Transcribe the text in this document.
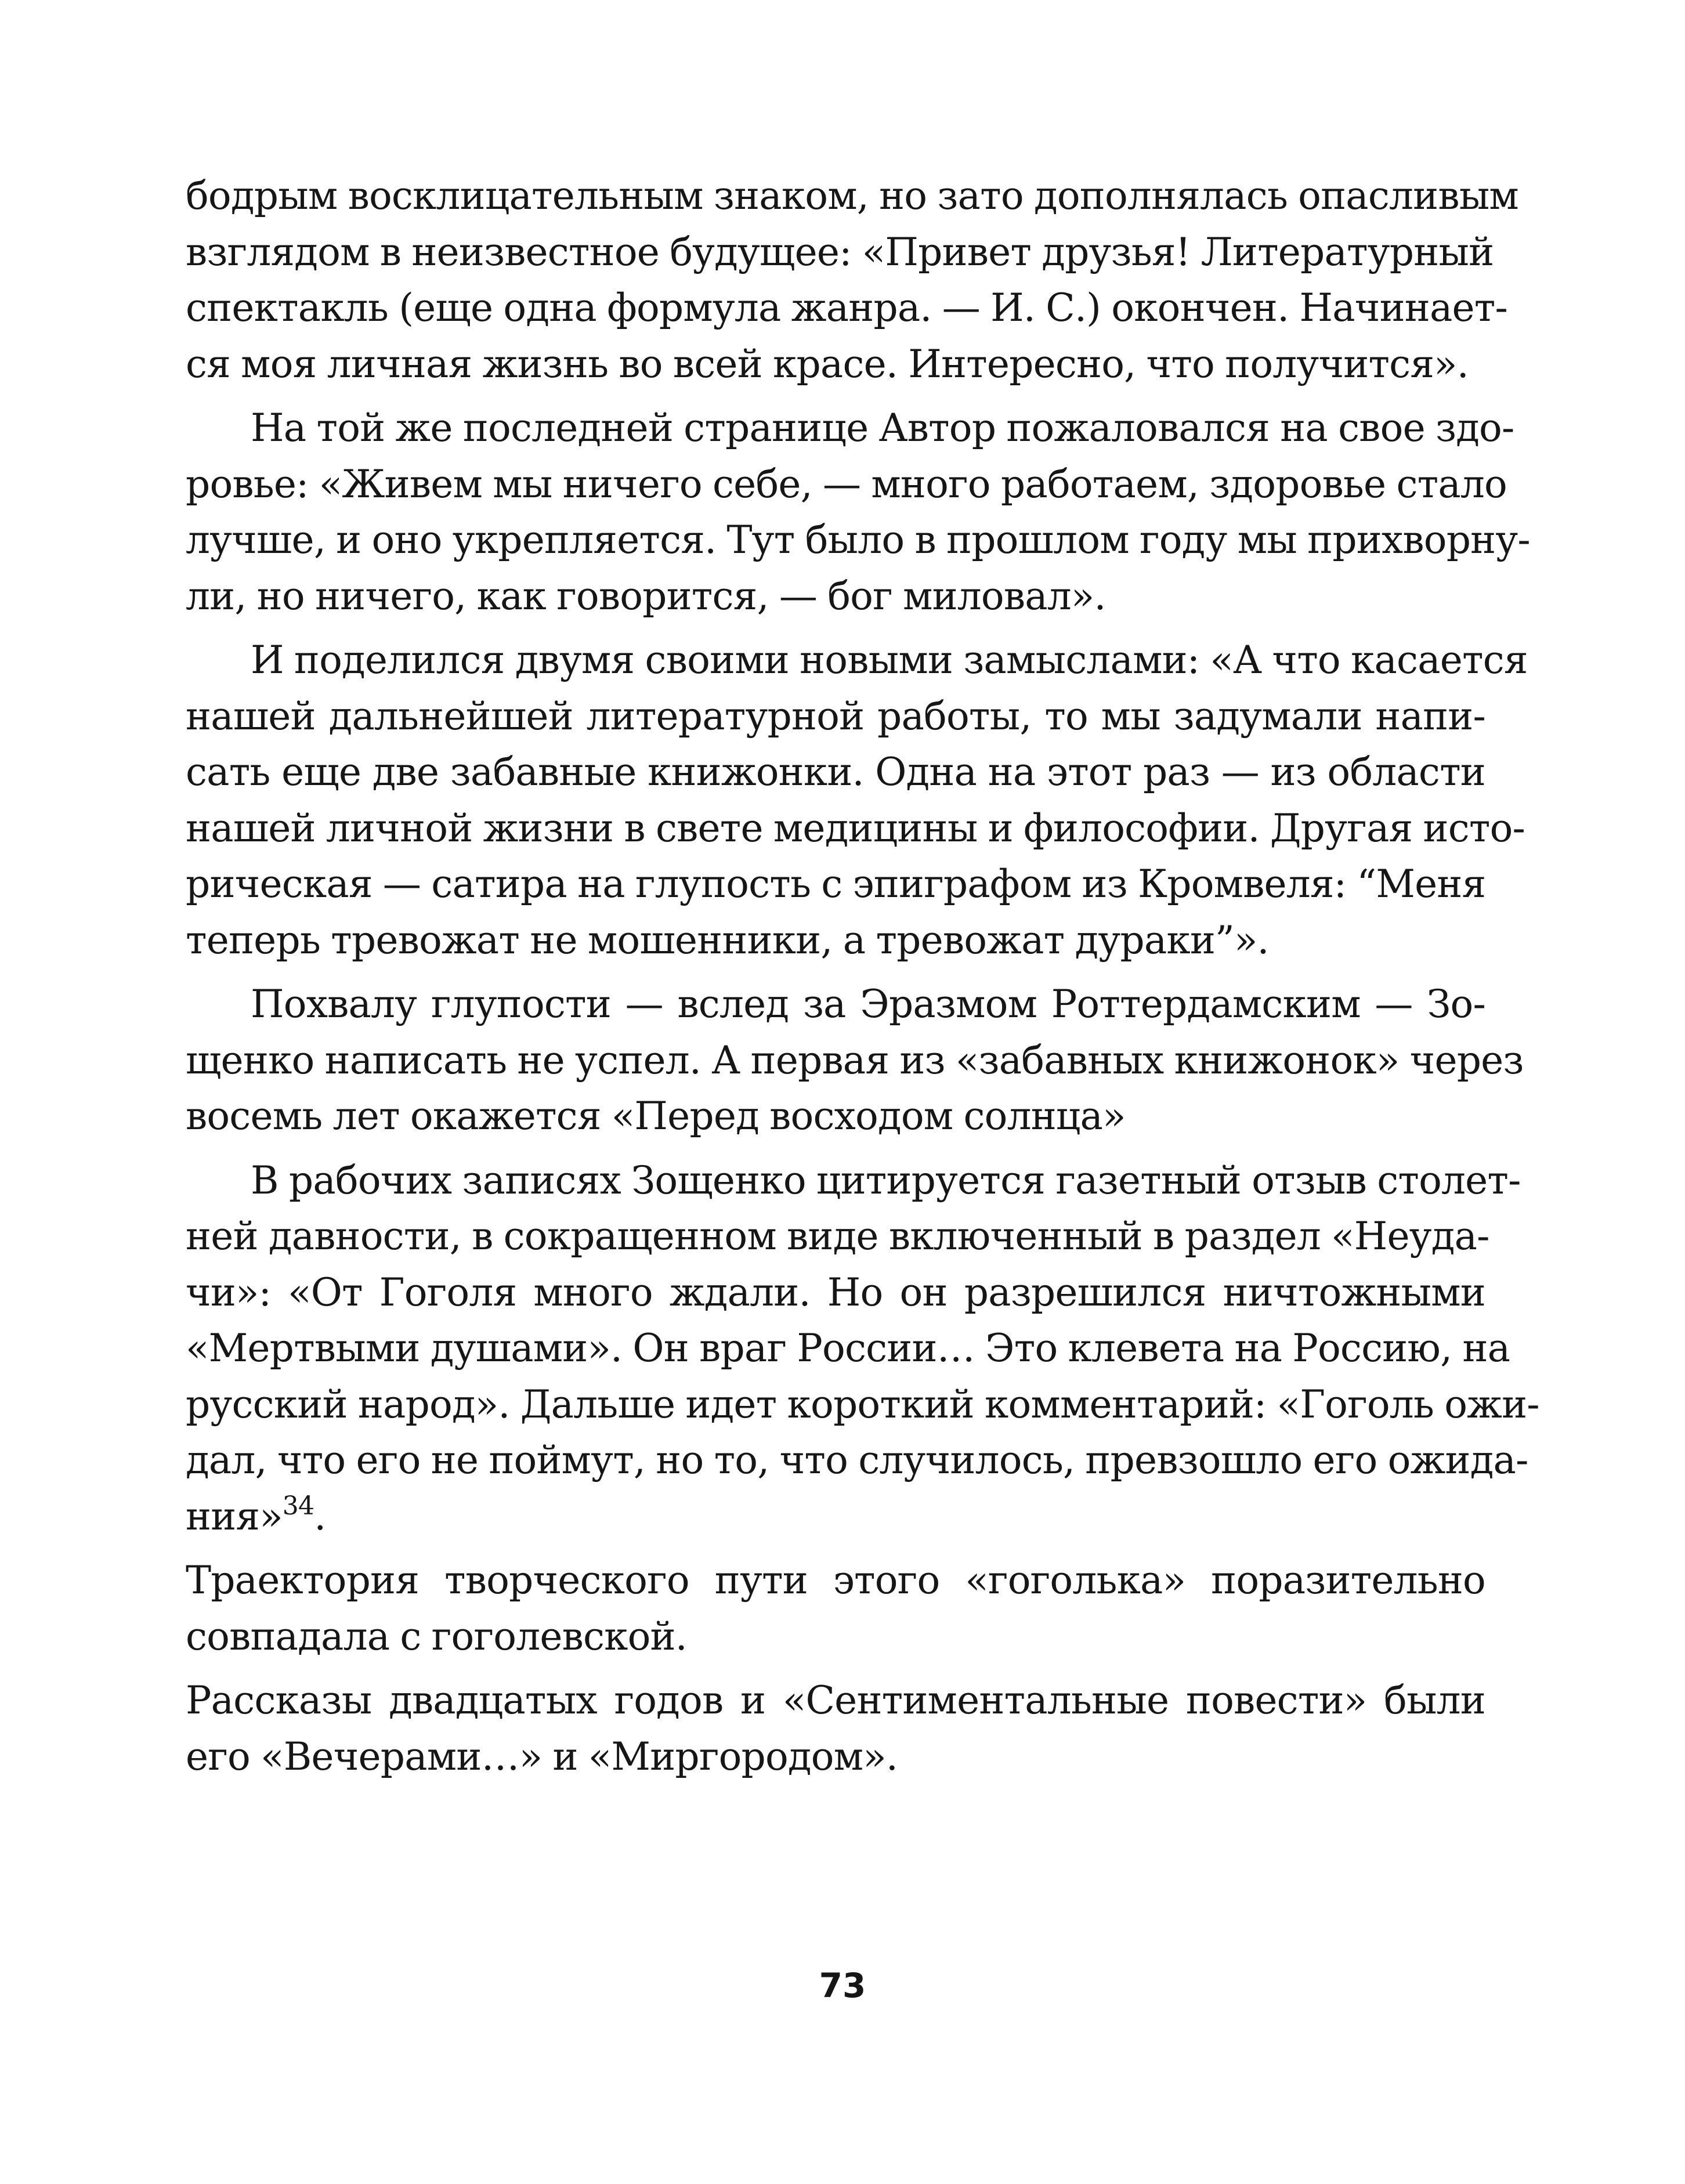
бодрым восклицательным знаком, но зато дополнялась опасливым
взглядом в неизвестное будущее: «Привет друзья! Литературный
спектакль (еще одна формула жанра. — И. С.) окончен. Начинает-
ся моя личная жизнь во всей красе. Интересно, что получится».
На той же последней странице Автор пожаловался на свое здо-
ровье: «Живем мы ничего себе, — много работаем, здоровье стало
лучше, и оно укрепляется. Тут было в прошлом году мы прихворну-
ли, но ничего, как говорится, — бог миловал».
И поделился двумя своими новыми замыслами: «А что касается
нашей дальнейшей литературной работы, то мы задумали напи-
сать еще две забавные книжонки. Одна на этот раз — из области
нашей личной жизни в свете медицины и философии. Другая исто-
рическая — сатира на глупость с эпиграфом из Кромвеля: “Меня
теперь тревожат не мошенники, а тревожат дураки”».
Похвалу глупости — вслед за Эразмом Роттердамским — Зо-
щенко написать не успел. А первая из «забавных книжонок» через
восемь лет окажется «Перед восходом солнца»
В рабочих записях Зощенко цитируется газетный отзыв столет-
ней давности, в сокращенном виде включенный в раздел «Неуда-
чи»: «От Гоголя много ждали. Но он разрешился ничтожными
«Мертвыми душами». Он враг России… Это клевета на Россию, на
русский народ». Дальше идет короткий комментарий: «Гоголь ожи-
дал, что его не поймут, но то, что случилось, превзошло его ожида-
ния»$^{34}$.
Траектория творческого пути этого «гоголька» поразительно
совпадала с гоголевской.
Рассказы двадцатых годов и «Сентиментальные повести» были
его «Вечерами…» и «Миргородом».
73
